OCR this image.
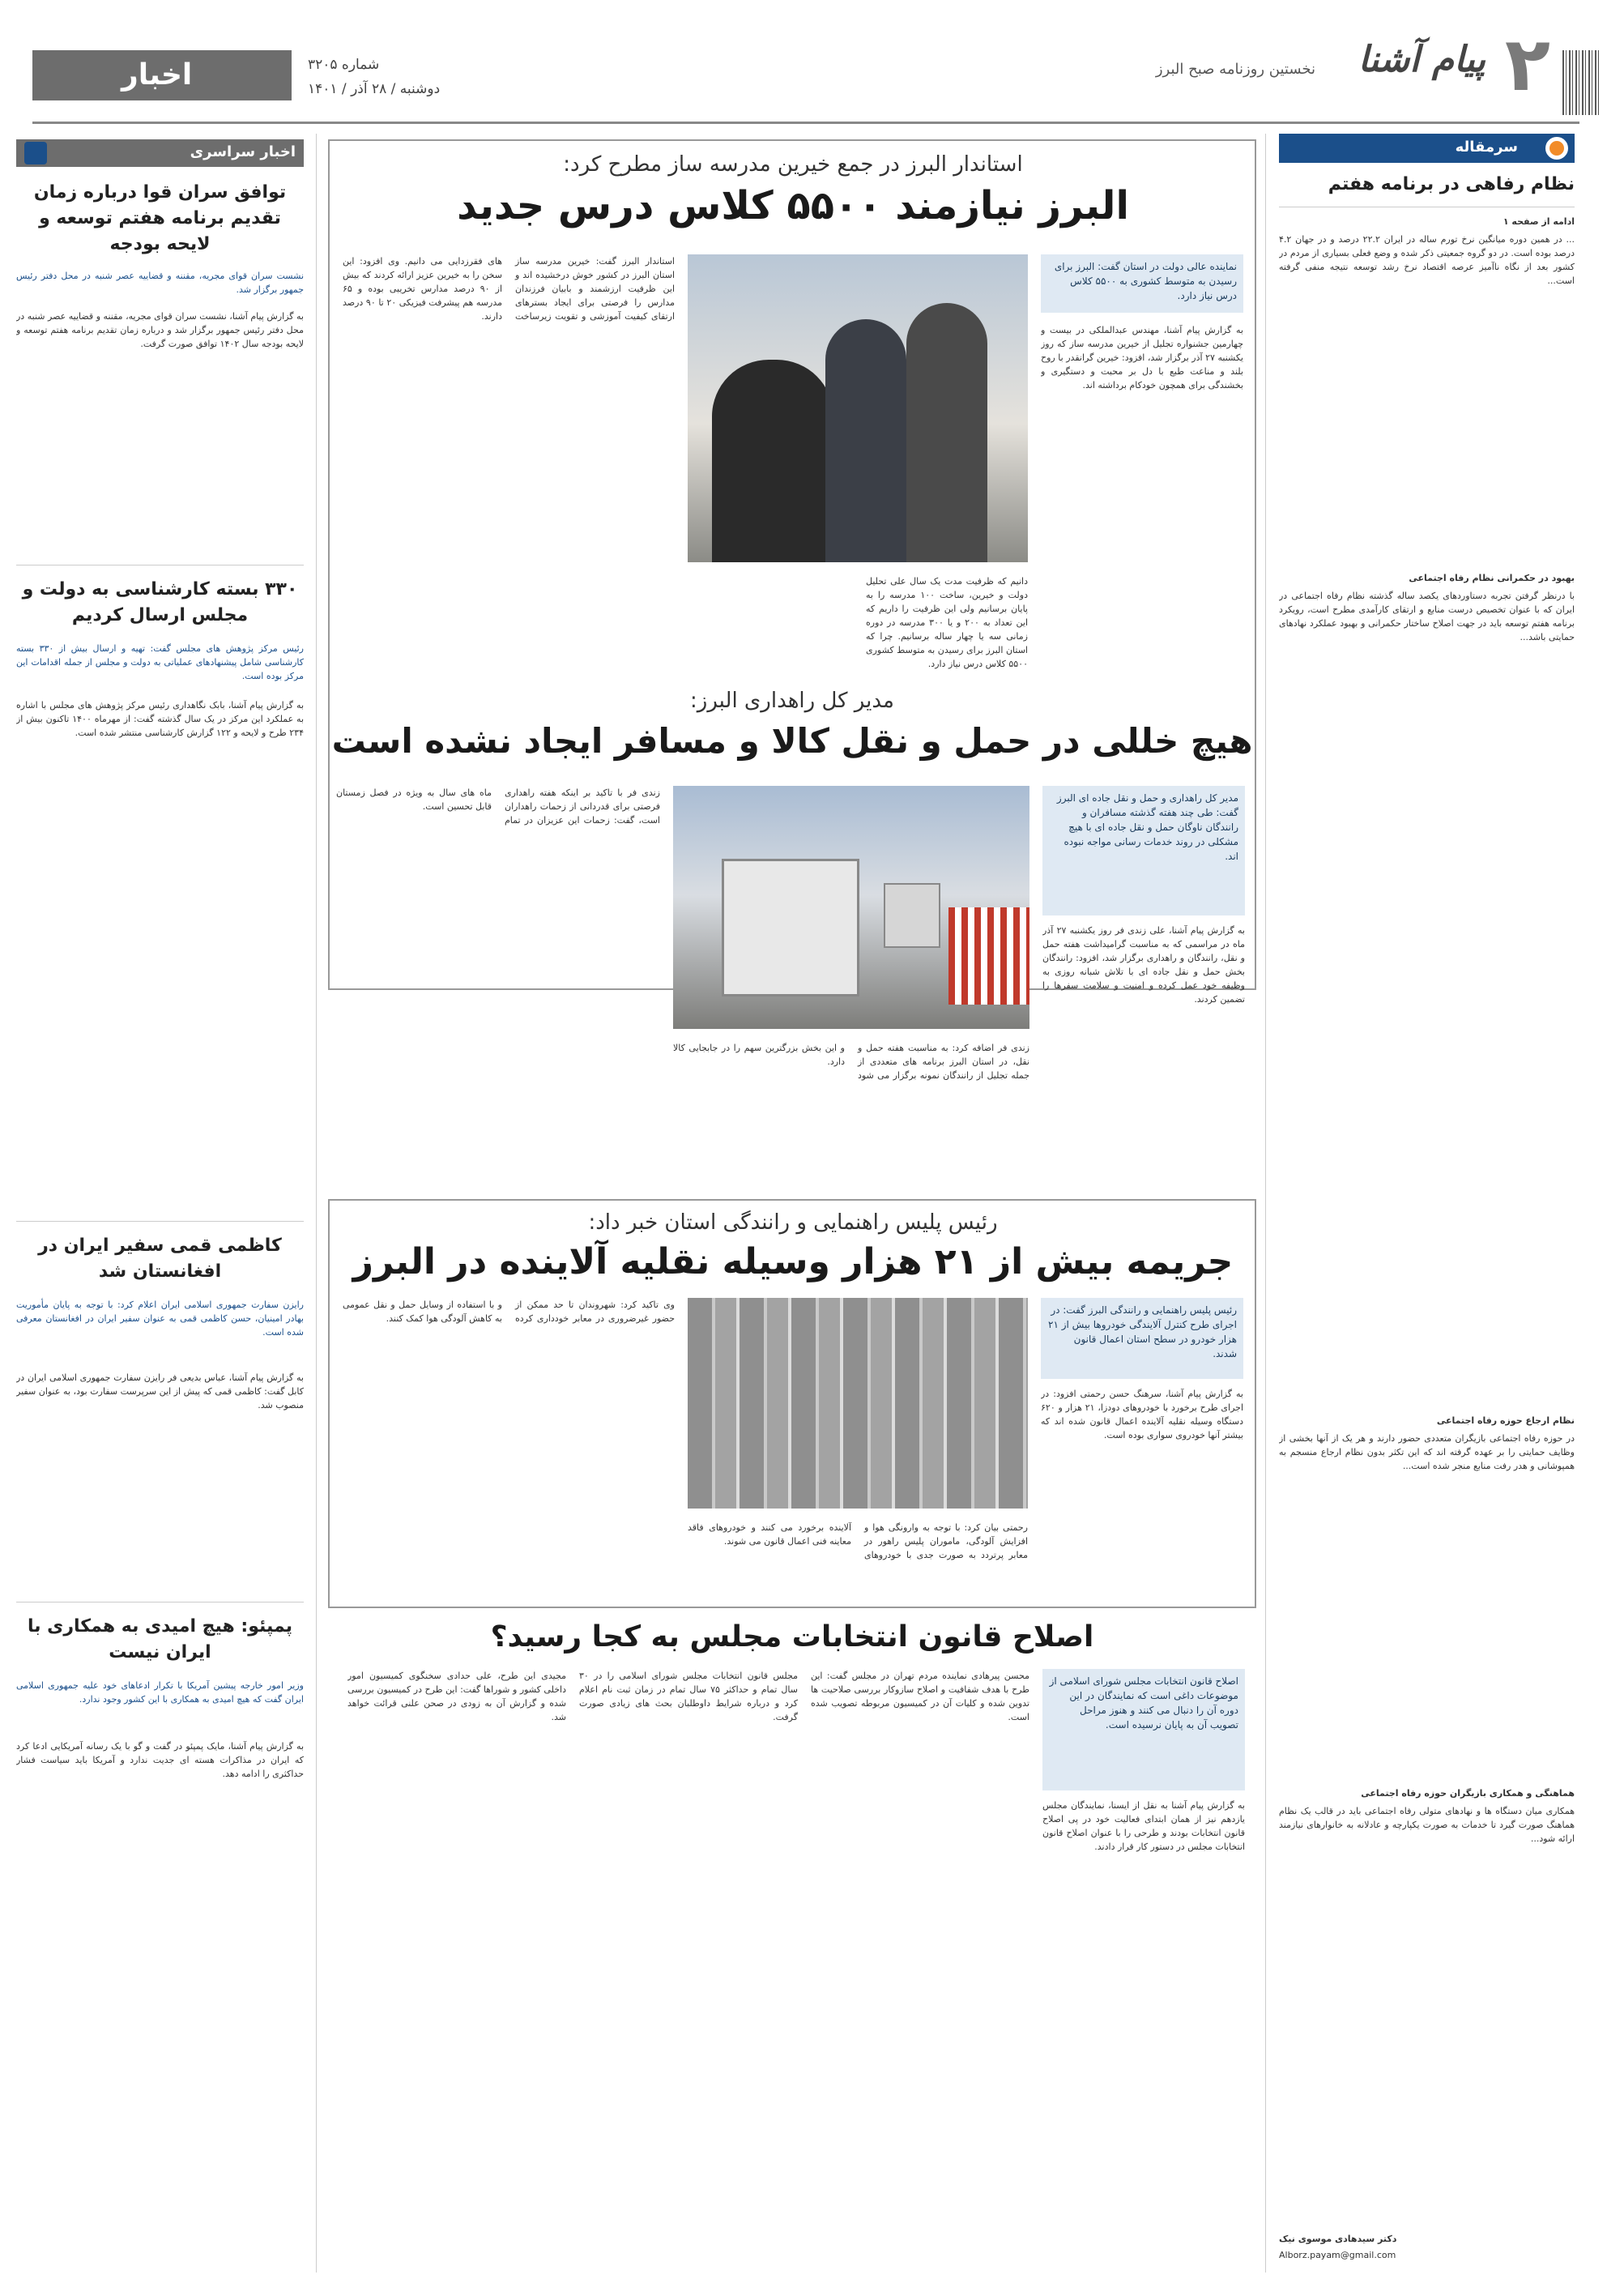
۲
پیام آشنا
نخستین روزنامه صبح البرز
شماره ۳۲۰۵
دوشنبه / ۲۸ آذر / ۱۴۰۱
اخبار
سرمقاله
نظام رفاهی در برنامه هفتم
ادامه از صفحه ۱
... در همین دوره میانگین نرخ تورم ساله در ایران ۲۲.۲ درصد و در جهان ۴.۲ درصد بوده است. در دو گروه جمعیتی ذکر شده و وضع فعلی بسیاری از مردم در کشور بعد از نگاه ناآمیز عرصه اقتصاد نرخ رشد توسعه نتیجه منفی گرفته است...
بهبود در حکمرانی نظام رفاه اجتماعی
با درنظر گرفتن تجربه دستاوردهای یکصد ساله گذشته نظام رفاه اجتماعی در ایران که با عنوان تخصیص درست منابع و ارتقای کارآمدی مطرح است، رویکرد برنامه هفتم توسعه باید در جهت اصلاح ساختار حکمرانی و بهبود عملکرد نهادهای حمایتی باشد...
نظام ارجاع حوزه رفاه اجتماعی
در حوزه رفاه اجتماعی بازیگران متعددی حضور دارند و هر یک از آنها بخشی از وظایف حمایتی را بر عهده گرفته اند که این تکثر بدون نظام ارجاع منسجم به همپوشانی و هدر رفت منابع منجر شده است...
هماهنگی و همکاری بازیگران حوزه رفاه اجتماعی
همکاری میان دستگاه ها و نهادهای متولی رفاه اجتماعی باید در قالب یک نظام هماهنگ صورت گیرد تا خدمات به صورت یکپارچه و عادلانه به خانوارهای نیازمند ارائه شود...
دکتر سیدهادی موسوی نیک
Alborz.payam@gmail.com
استاندار البرز در جمع خیرین مدرسه ساز مطرح کرد:
البرز نیازمند ۵۵۰۰ کلاس درس جدید
نماینده عالی دولت در استان گفت: البرز برای رسیدن به متوسط کشوری به ۵۵۰۰ کلاس درس نیاز دارد.
به گزارش پیام آشنا، مهندس عبدالملکی در بیست و چهارمین جشنواره تجلیل از خیرین مدرسه ساز که روز یکشنبه ۲۷ آذر برگزار شد، افزود: خیرین گرانقدر با روح بلند و مناعت طبع با دل بر محبت و دستگیری و بخشندگی برای همچون خودکام برداشته اند.
دانیم که ظرفیت مدت یک سال علی تحلیل دولت و خیرین، ساخت ۱۰۰ مدرسه را به پایان برسانیم ولی این ظرفیت را داریم که این تعداد به ۲۰۰ و یا ۳۰۰ مدرسه در دوره زمانی سه یا چهار ساله برسانیم. چرا که استان البرز برای رسیدن به متوسط کشوری ۵۵۰۰ کلاس درس نیاز دارد.
استاندار البرز گفت: خیرین مدرسه ساز استان البرز در کشور خوش درخشیده اند و این ظرفیت ارزشمند و بابیان فرزندان مدارس را فرصتی برای ایجاد بسترهای ارتقای کیفیت آموزشی و تقویت زیرساخت های فقرزدایی می دانیم. وی افزود: این سخن را به خیرین عزیز ارائه کردند که بیش از ۹۰ درصد مدارس تخریبی بوده و ۶۵ مدرسه هم پیشرفت فیزیکی ۲۰ تا ۹۰ درصد دارند.
مدیر کل راهداری البرز:
هیچ خللی در حمل و نقل کالا و مسافر ایجاد نشده است
مدیر کل راهداری و حمل و نقل جاده ای البرز گفت: طی چند هفته گذشته مسافران و رانندگان ناوگان حمل و نقل جاده ای با هیچ مشکلی در روند خدمات رسانی مواجه نبوده اند.
به گزارش پیام آشنا، علی زندی فر روز یکشنبه ۲۷ آذر ماه در مراسمی که به مناسبت گرامیداشت هفته حمل و نقل، رانندگان و راهداری برگزار شد، افزود: رانندگان بخش حمل و نقل جاده ای با تلاش شبانه روزی به وظیفه خود عمل کرده و امنیت و سلامت سفرها را تضمین کردند.
زندی فر اضافه کرد: به مناسبت هفته حمل و نقل، در استان البرز برنامه های متعددی از جمله تجلیل از رانندگان نمونه برگزار می شود و این بخش بزرگترین سهم را در جابجایی کالا دارد.
زندی فر با تاکید بر اینکه هفته راهداری فرصتی برای قدردانی از زحمات راهداران است، گفت: زحمات این عزیزان در تمام ماه های سال به ویژه در فصل زمستان قابل تحسین است.
رئیس پلیس راهنمایی و رانندگی استان خبر داد:
جریمه بیش از ۲۱ هزار وسیله نقلیه آلاینده در البرز
رئیس پلیس راهنمایی و رانندگی البرز گفت: در اجرای طرح کنترل آلایندگی خودروها بیش از ۲۱ هزار خودرو در سطح استان اعمال قانون شدند.
به گزارش پیام آشنا، سرهنگ حسن رحمتی افزود: در اجرای طرح برخورد با خودروهای دودزا، ۲۱ هزار و ۶۲۰ دستگاه وسیله نقلیه آلاینده اعمال قانون شده اند که بیشتر آنها خودروی سواری بوده است.
رحمتی بیان کرد: با توجه به وارونگی هوا و افزایش آلودگی، ماموران پلیس راهور در معابر پرتردد به صورت جدی با خودروهای آلاینده برخورد می کنند و خودروهای فاقد معاینه فنی اعمال قانون می شوند.
وی تاکید کرد: شهروندان تا حد ممکن از حضور غیرضروری در معابر خودداری کرده و با استفاده از وسایل حمل و نقل عمومی به کاهش آلودگی هوا کمک کنند.
اصلاح قانون انتخابات مجلس به کجا رسید؟
اصلاح قانون انتخابات مجلس شورای اسلامی از موضوعات داغی است که نمایندگان در این دوره آن را دنبال می کنند و هنوز مراحل تصویب آن به پایان نرسیده است.
به گزارش پیام آشنا به نقل از ایسنا، نمایندگان مجلس یازدهم نیز از همان ابتدای فعالیت خود در پی اصلاح قانون انتخابات بودند و طرحی را با عنوان اصلاح قانون انتخابات مجلس در دستور کار قرار دادند.
محسن پیرهادی نماینده مردم تهران در مجلس گفت: این طرح با هدف شفافیت و اصلاح سازوکار بررسی صلاحیت ها تدوین شده و کلیات آن در کمیسیون مربوطه تصویب شده است.
مجلس قانون انتخابات مجلس شورای اسلامی را در ۳۰ سال تمام و حداکثر ۷۵ سال تمام در زمان ثبت نام اعلام کرد و درباره شرایط داوطلبان بحث های زیادی صورت گرفت.
مجیدی این طرح، علی حدادی سخنگوی کمیسیون امور داخلی کشور و شوراها گفت: این طرح در کمیسیون بررسی شده و گزارش آن به زودی در صحن علنی قرائت خواهد شد.
اخبار سراسری
توافق سران قوا درباره زمان تقدیم برنامه هفتم توسعه و لایحه بودجه
نشست سران قوای مجریه، مقننه و قضاییه عصر شنبه در محل دفتر رئیس جمهور برگزار شد.
به گزارش پیام آشنا، نشست سران قوای مجریه، مقننه و قضاییه عصر شنبه در محل دفتر رئیس جمهور برگزار شد و درباره زمان تقدیم برنامه هفتم توسعه و لایحه بودجه سال ۱۴۰۲ توافق صورت گرفت.
۳۳۰ بسته کارشناسی به دولت و مجلس ارسال کردیم
رئیس مرکز پژوهش های مجلس گفت: تهیه و ارسال بیش از ۳۳۰ بسته کارشناسی شامل پیشنهادهای عملیاتی به دولت و مجلس از جمله اقدامات این مرکز بوده است.
به گزارش پیام آشنا، بابک نگاهداری رئیس مرکز پژوهش های مجلس با اشاره به عملکرد این مرکز در یک سال گذشته گفت: از مهرماه ۱۴۰۰ تاکنون بیش از ۲۳۴ طرح و لایحه و ۱۲۲ گزارش کارشناسی منتشر شده است.
کاظمی قمی سفیر ایران در افغانستان شد
رایزن سفارت جمهوری اسلامی ایران اعلام کرد: با توجه به پایان مأموریت بهادر امینیان، حسن کاظمی قمی به عنوان سفیر ایران در افغانستان معرفی شده است.
به گزارش پیام آشنا، عباس بدیعی فر رایزن سفارت جمهوری اسلامی ایران در کابل گفت: کاظمی قمی که پیش از این سرپرست سفارت بود، به عنوان سفیر منصوب شد.
پمپئو: هیچ امیدی به همکاری با ایران نیست
وزیر امور خارجه پیشین آمریکا با تکرار ادعاهای خود علیه جمهوری اسلامی ایران گفت که هیچ امیدی به همکاری با این کشور وجود ندارد.
به گزارش پیام آشنا، مایک پمپئو در گفت و گو با یک رسانه آمریکایی ادعا کرد که ایران در مذاکرات هسته ای جدیت ندارد و آمریکا باید سیاست فشار حداکثری را ادامه دهد.
